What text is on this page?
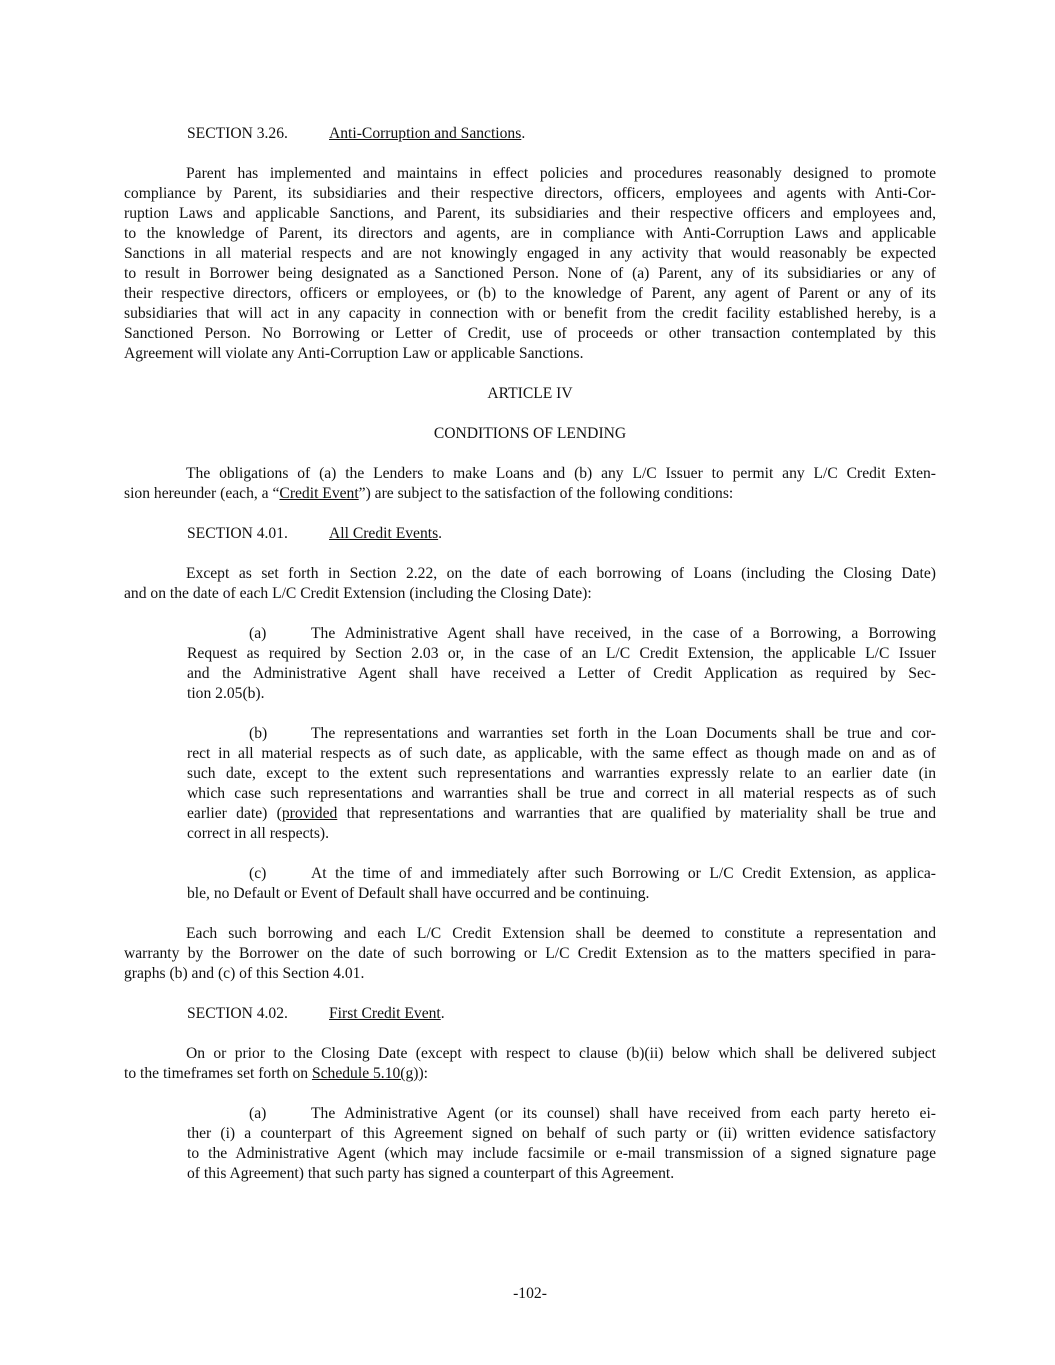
SECTION 3.26.	Anti-Corruption and Sanctions.
Parent has implemented and maintains in effect policies and procedures reasonably designed to promote
compliance by Parent, its subsidiaries and their respective directors, officers, employees and agents with Anti-Cor-
ruption Laws and applicable Sanctions, and Parent, its subsidiaries and their respective officers and employees and,
to the knowledge of Parent, its directors and agents, are in compliance with Anti-Corruption Laws and applicable
Sanctions in all material respects and are not knowingly engaged in any activity that would reasonably be expected
to result in Borrower being designated as a Sanctioned Person. None of (a) Parent, any of its subsidiaries or any of
their respective directors, officers or employees, or (b) to the knowledge of Parent, any agent of Parent or any of its
subsidiaries that will act in any capacity in connection with or benefit from the credit facility established hereby, is a
Sanctioned Person. No Borrowing or Letter of Credit, use of proceeds or other transaction contemplated by this
Agreement will violate any Anti-Corruption Law or applicable Sanctions.
ARTICLE IV
CONDITIONS OF LENDING
The obligations of (a) the Lenders to make Loans and (b) any L/C Issuer to permit any L/C Credit Exten-
sion hereunder (each, a “Credit Event”) are subject to the satisfaction of the following conditions:
SECTION 4.01.	All Credit Events.
Except as set forth in Section 2.22, on the date of each borrowing of Loans (including the Closing Date)
and on the date of each L/C Credit Extension (including the Closing Date):
(a)	The Administrative Agent shall have received, in the case of a Borrowing, a Borrowing
Request as required by Section 2.03 or, in the case of an L/C Credit Extension, the applicable L/C Issuer
and the Administrative Agent shall have received a Letter of Credit Application as required by Sec-
tion 2.05(b).
(b)	The representations and warranties set forth in the Loan Documents shall be true and cor-
rect in all material respects as of such date, as applicable, with the same effect as though made on and as of
such date, except to the extent such representations and warranties expressly relate to an earlier date (in
which case such representations and warranties shall be true and correct in all material respects as of such
earlier date) (provided that representations and warranties that are qualified by materiality shall be true and
correct in all respects).
(c)	At the time of and immediately after such Borrowing or L/C Credit Extension, as applica-
ble, no Default or Event of Default shall have occurred and be continuing.
Each such borrowing and each L/C Credit Extension shall be deemed to constitute a representation and
warranty by the Borrower on the date of such borrowing or L/C Credit Extension as to the matters specified in para-
graphs (b) and (c) of this Section 4.01.
SECTION 4.02.	First Credit Event.
On or prior to the Closing Date (except with respect to clause (b)(ii) below which shall be delivered subject
to the timeframes set forth on Schedule 5.10(g)):
(a)	The Administrative Agent (or its counsel) shall have received from each party hereto ei-
ther (i) a counterpart of this Agreement signed on behalf of such party or (ii) written evidence satisfactory
to the Administrative Agent (which may include facsimile or e-mail transmission of a signed signature page
of this Agreement) that such party has signed a counterpart of this Agreement.
-102-
